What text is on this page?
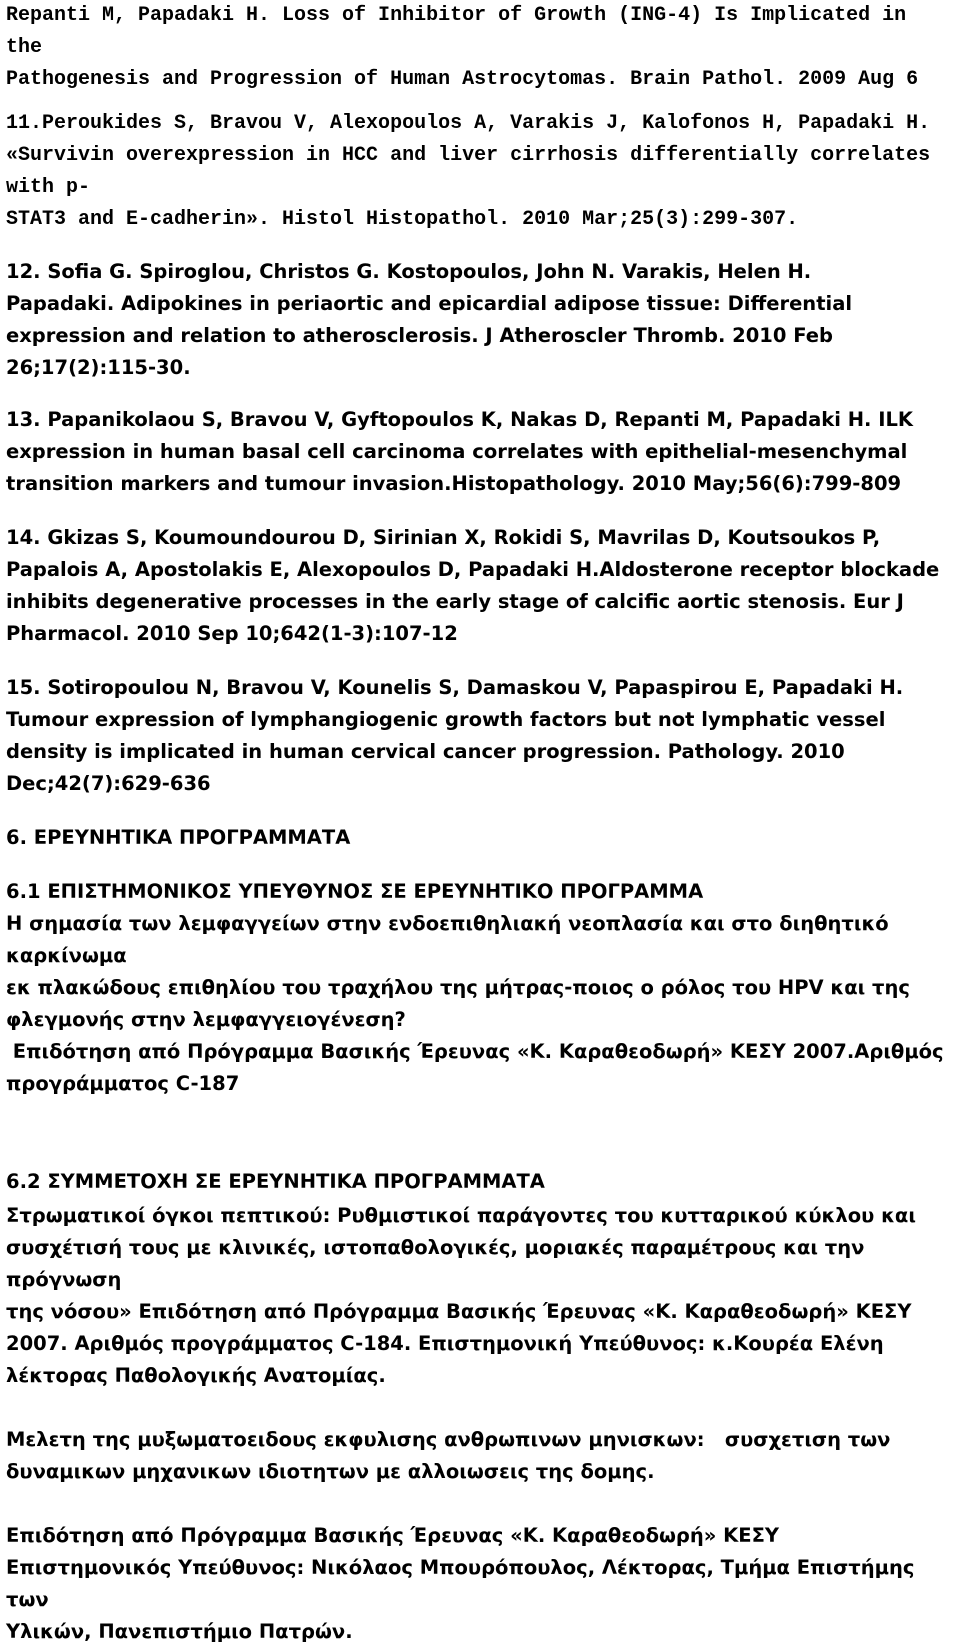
Repanti M, Papadaki H. Loss of Inhibitor of Growth (ING-4) Is Implicated in the
Pathogenesis and Progression of Human Astrocytomas. Brain Pathol. 2009 Aug 6
11.Peroukides S, Bravou V, Alexopoulos A, Varakis J, Kalofonos H, Papadaki H.
«Survivin overexpression in HCC and liver cirrhosis differentially correlates with p-
STAT3 and E-cadherin». Histol Histopathol. 2010 Mar;25(3):299-307.
12. Sofia G. Spiroglou, Christos G. Kostopoulos, John N. Varakis, Helen H.
Papadaki. Adipokines in periaortic and epicardial adipose tissue: Differential
expression and relation to atherosclerosis. J Atheroscler Thromb. 2010 Feb
26;17(2):115-30.
13. Papanikolaou S, Bravou V, Gyftopoulos K, Nakas D, Repanti M, Papadaki H. ILK
expression in human basal cell carcinoma correlates with epithelial-mesenchymal
transition markers and tumour invasion.Histopathology. 2010 May;56(6):799-809
14. Gkizas S, Koumoundourou D, Sirinian X, Rokidi S, Mavrilas D, Koutsoukos P,
Papalois A, Apostolakis E, Alexopoulos D, Papadaki H.Aldosterone receptor blockade
inhibits degenerative processes in the early stage of calcific aortic stenosis. Eur J
Pharmacol. 2010 Sep 10;642(1-3):107-12
15. Sotiropoulou N, Bravou V, Kounelis S, Damaskou V, Papaspirou E, Papadaki H.
Tumour expression of lymphangiogenic growth factors but not lymphatic vessel
density is implicated in human cervical cancer progression. Pathology. 2010
Dec;42(7):629-636
6. ΕΡΕΥΝΗΤΙΚΑ ΠΡΟΓΡΑΜΜΑΤΑ
6.1 ΕΠΙΣΤΗΜΟΝΙΚΟΣ ΥΠΕΥΘΥΝΟΣ ΣΕ ΕΡΕΥΝΗΤΙΚΟ ΠΡΟΓΡΑΜΜΑ
Η σημασία των λεμφαγγείων στην ενδοεπιθηλιακή νεοπλασία και στο διηθητικό καρκίνωμα
εκ πλακώδους επιθηλίου του τραχήλου της μήτρας-ποιος ο ρόλος του HPV και της
φλεγμονής στην λεμφαγγειογένεση?
Επιδότηση από Πρόγραμμα Βασικής Έρευνας «Κ. Καραθεοδωρή» ΚΕΣΥ 2007.Αριθμός
προγράμματος C-187
6.2 ΣΥΜΜΕΤΟΧΗ ΣΕ ΕΡΕΥΝΗΤΙΚΑ ΠΡΟΓΡΑΜΜΑΤΑ
Στρωματικοί όγκοι πεπτικού: Ρυθμιστικοί παράγοντες του κυτταρικού κύκλου και
συσχέτισή τους με κλινικές, ιστοπαθολογικές, μοριακές παραμέτρους και την πρόγνωση
της νόσου» Επιδότηση από Πρόγραμμα Βασικής Έρευνας «Κ. Καραθεοδωρή» ΚΕΣΥ
2007. Αριθμός προγράμματος C-184. Επιστημονική Υπεύθυνος: κ.Κουρέα Ελένη
λέκτορας Παθολογικής Ανατομίας.
Μελετη της μυξωματοειδους εκφυλισης ανθρωπινων μηνισκων:   συσχετιση των
δυναμικων μηχανικων ιδιοτητων με αλλοιωσεις της δομης.
Επιδότηση από Πρόγραμμα Βασικής Έρευνας «Κ. Καραθεοδωρή» ΚΕΣΥ
Επιστημονικός Υπεύθυνος: Νικόλαος Μπουρόπουλος, Λέκτορας, Τμήμα Επιστήμης των
Υλικών, Πανεπιστήμιο Πατρών.
